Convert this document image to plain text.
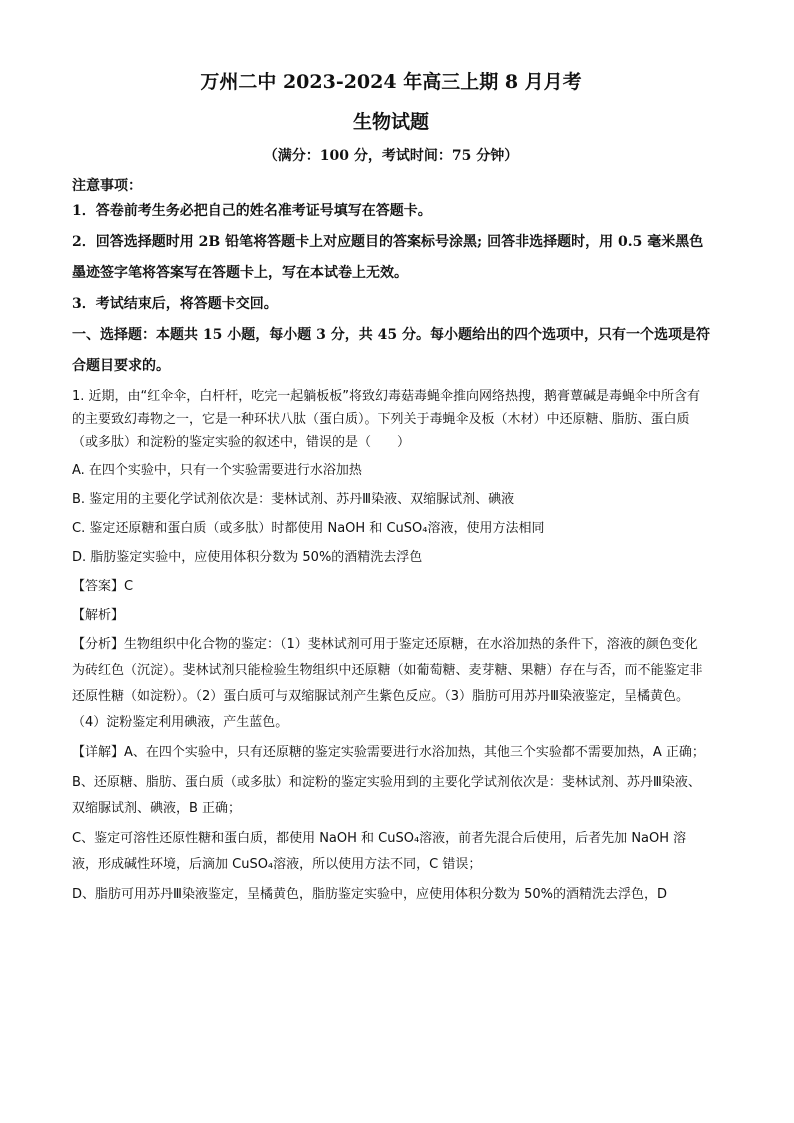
万州二中 2023-2024 年高三上期 8 月月考
生物试题
（满分：100 分，考试时间：75 分钟）
注意事项：
1．答卷前考生务必把自己的姓名准考证号填写在答题卡。
2．回答选择题时用 2B 铅笔将答题卡上对应题目的答案标号涂黑; 回答非选择题时，用 0.5 毫米黑色墨迹签字笔将答案写在答题卡上，写在本试卷上无效。
3．考试结束后，将答题卡交回。
一、选择题：本题共 15 小题，每小题 3 分，共 45 分。每小题给出的四个选项中，只有一个选项是符合题目要求的。
1. 近期，由“红伞伞，白杆杆，吃完一起躺板板”将致幻毒菇毒蝇伞推向网络热搜，鹅膏蕈碱是毒蝇伞中所含有的主要致幻毒物之一，它是一种环状八肽（蛋白质）。下列关于毒蝇伞及板（木材）中还原糖、脂肪、蛋白质（或多肽）和淀粉的鉴定实验的叙述中，错误的是（　　）
A. 在四个实验中，只有一个实验需要进行水浴加热
B. 鉴定用的主要化学试剂依次是：斐林试剂、苏丹Ⅲ染液、双缩脲试剂、碘液
C. 鉴定还原糖和蛋白质（或多肽）时都使用 NaOH 和 CuSO₄溶液，使用方法相同
D. 脂肪鉴定实验中，应使用体积分数为 50%的酒精洗去浮色
【答案】C
【解析】
【分析】生物组织中化合物的鉴定：（1）斐林试剂可用于鉴定还原糖，在水浴加热的条件下，溶液的颜色变化为砖红色（沉淀）。斐林试剂只能检验生物组织中还原糖（如葡萄糖、麦芽糖、果糖）存在与否，而不能鉴定非还原性糖（如淀粉）。（2）蛋白质可与双缩脲试剂产生紫色反应。（3）脂肪可用苏丹Ⅲ染液鉴定，呈橘黄色。（4）淀粉鉴定利用碘液，产生蓝色。
【详解】A、在四个实验中，只有还原糖的鉴定实验需要进行水浴加热，其他三个实验都不需要加热，A 正确；
B、还原糖、脂肪、蛋白质（或多肽）和淀粉的鉴定实验用到的主要化学试剂依次是：斐林试剂、苏丹Ⅲ染液、双缩脲试剂、碘液，B 正确；
C、鉴定可溶性还原性糖和蛋白质，都使用 NaOH 和 CuSO₄溶液，前者先混合后使用，后者先加 NaOH 溶液，形成碱性环境，后滴加 CuSO₄溶液，所以使用方法不同，C 错误；
D、脂肪可用苏丹Ⅲ染液鉴定，呈橘黄色，脂肪鉴定实验中，应使用体积分数为 50%的酒精洗去浮色，D
